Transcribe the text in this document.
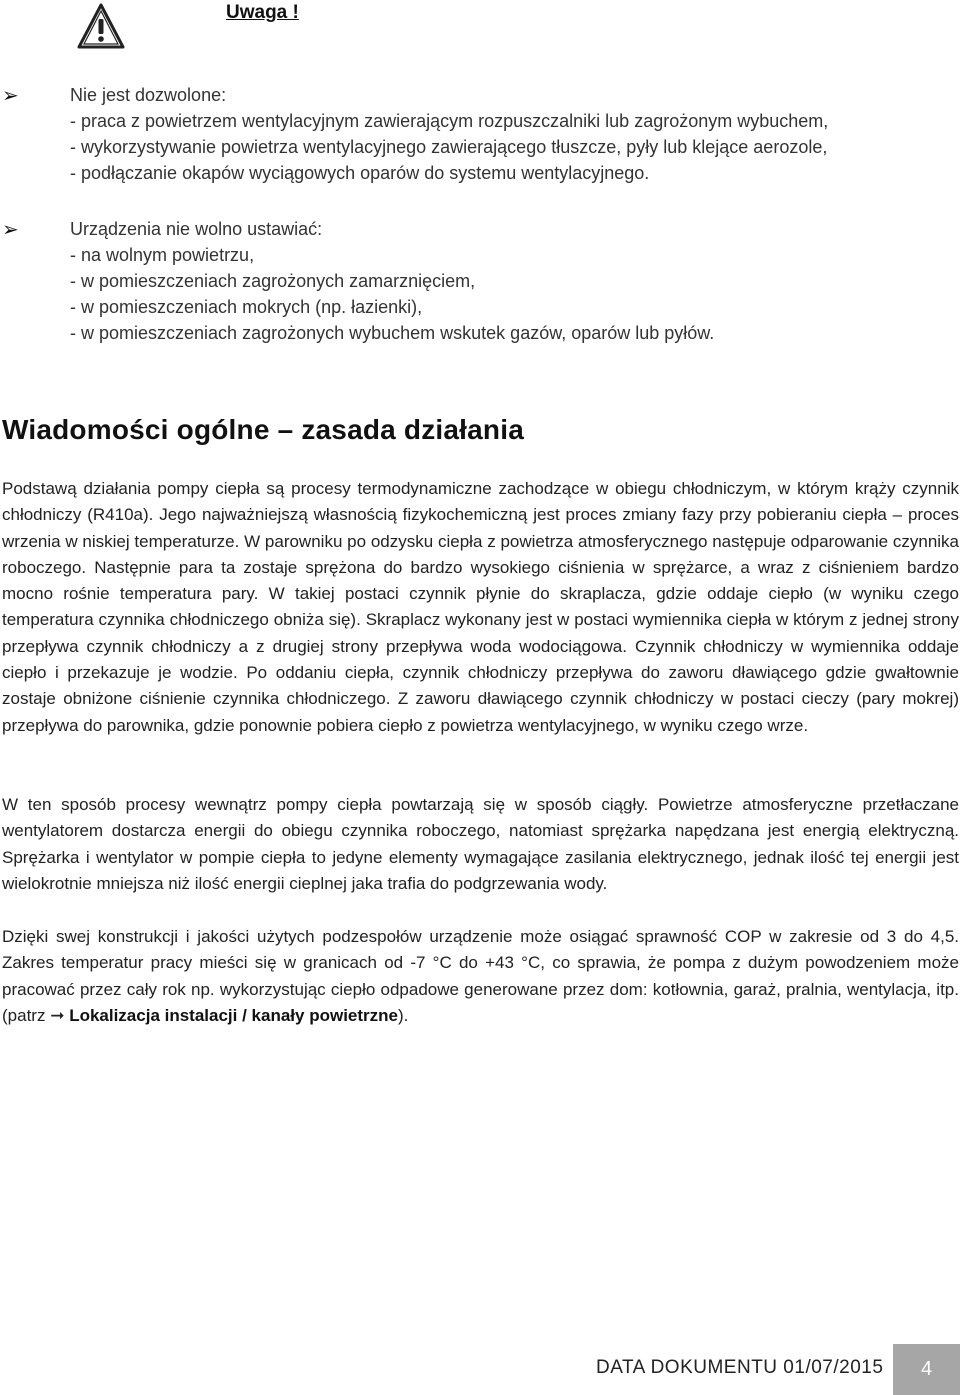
Uwaga !
➢	Nie jest dozwolone:
- praca z powietrzem wentylacyjnym zawierającym rozpuszczalniki lub zagrożonym wybuchem,
- wykorzystywanie powietrza wentylacyjnego zawierającego tłuszcze, pyły lub klejące aerozole,
- podłączanie okapów wyciągowych oparów do systemu wentylacyjnego.
➢	Urządzenia nie wolno ustawiać:
- na wolnym powietrzu,
- w pomieszczeniach zagrożonych zamarznięciem,
- w pomieszczeniach mokrych (np. łazienki),
- w pomieszczeniach zagrożonych wybuchem wskutek gazów, oparów lub pyłów.
Wiadomości ogólne – zasada działania
Podstawą działania pompy ciepła są procesy termodynamiczne zachodzące w obiegu chłodniczym, w którym krąży czynnik chłodniczy (R410a). Jego najważniejszą własnością fizykochemiczną jest proces zmiany fazy przy pobieraniu ciepła – proces wrzenia w niskiej temperaturze. W parowniku po odzysku ciepła z powietrza atmosferycznego następuje odparowanie czynnika roboczego. Następnie para ta zostaje sprężona do bardzo wysokiego ciśnienia w sprężarce, a wraz z ciśnieniem bardzo mocno rośnie temperatura pary. W takiej postaci czynnik płynie do skraplacza, gdzie oddaje ciepło (w wyniku czego temperatura czynnika chłodniczego obniża się). Skraplacz wykonany jest w postaci wymiennika ciepła w którym z jednej strony przepływa czynnik chłodniczy a z drugiej strony przepływa woda wodociągowa. Czynnik chłodniczy w wymiennika oddaje ciepło i przekazuje je wodzie. Po oddaniu ciepła, czynnik chłodniczy przepływa do zaworu dławiącego gdzie gwałtownie zostaje obniżone ciśnienie czynnika chłodniczego. Z zaworu dławiącego czynnik chłodniczy w postaci cieczy (pary mokrej) przepływa do parownika, gdzie ponownie pobiera ciepło z powietrza wentylacyjnego, w wyniku czego wrze.
W ten sposób procesy wewnątrz pompy ciepła powtarzają się w sposób ciągły. Powietrze atmosferyczne przetłaczane wentylatorem dostarcza energii do obiegu czynnika roboczego, natomiast sprężarka napędzana jest energią elektryczną. Sprężarka i wentylator w pompie ciepła to jedyne elementy wymagające zasilania elektrycznego, jednak ilość tej energii jest wielokrotnie mniejsza niż ilość energii cieplnej jaka trafia do podgrzewania wody.
Dzięki swej konstrukcji i jakości użytych podzespołów urządzenie może osiągać sprawność COP w zakresie od 3 do 4,5. Zakres temperatur pracy mieści się w granicach od -7 °C do +43 °C, co sprawia, że pompa z dużym powodzeniem może pracować przez cały rok np. wykorzystując ciepło odpadowe generowane przez dom: kotłownia, garaż, pralnia, wentylacja, itp. (patrz ➞ Lokalizacja instalacji / kanały powietrzne).
DATA DOKUMENTU 01/07/2015	4
